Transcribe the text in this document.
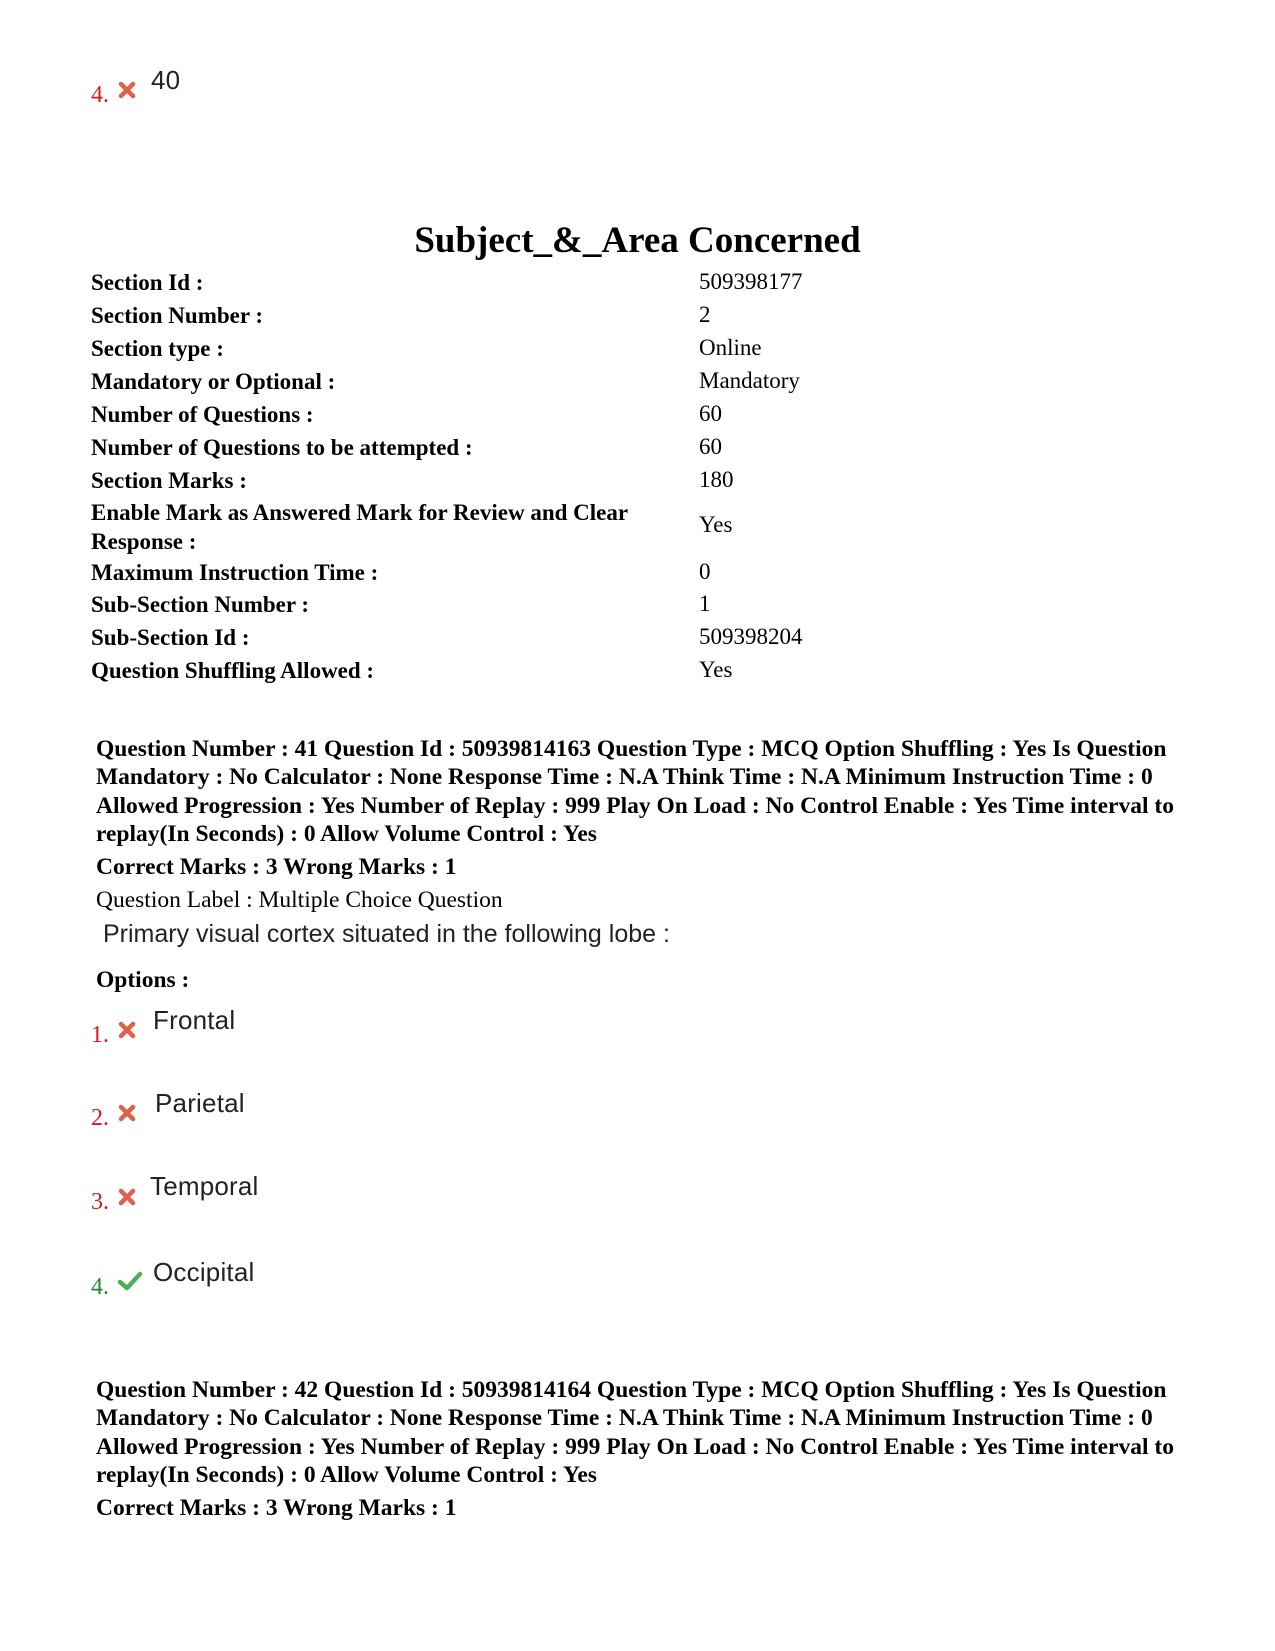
4. 40
Subject_&_Area Concerned
Section Id :	509398177
Section Number :	2
Section type :	Online
Mandatory or Optional :	Mandatory
Number of Questions :	60
Number of Questions to be attempted :	60
Section Marks :	180
Enable Mark as Answered Mark for Review and Clear Response :
Yes
Maximum Instruction Time :	0
Sub-Section Number :	1
Sub-Section Id :	509398204
Question Shuffling Allowed :	Yes

Question Number : 41 Question Id : 50939814163 Question Type : MCQ Option Shuffling : Yes Is Question Mandatory : No Calculator : None Response Time : N.A Think Time : N.A Minimum Instruction Time : 0 Allowed Progression : Yes Number of Replay : 999 Play On Load : No Control Enable : Yes Time interval to replay(In Seconds) : 0 Allow Volume Control : Yes

Correct Marks : 3 Wrong Marks : 1
Question Label : Multiple Choice Question
Primary visual cortex situated in the following lobe :
Options :
1. Frontal
2. Parietal
3.
Temporal
4. Occipital

Question Number : 42 Question Id : 50939814164 Question Type : MCQ Option Shuffling : Yes Is Question Mandatory : No Calculator : None Response Time : N.A Think Time : N.A Minimum Instruction Time : 0 Allowed Progression : Yes Number of Replay : 999 Play On Load : No Control Enable : Yes Time interval to replay(In Seconds) : 0 Allow Volume Control : Yes

Correct Marks : 3 Wrong Marks : 1
